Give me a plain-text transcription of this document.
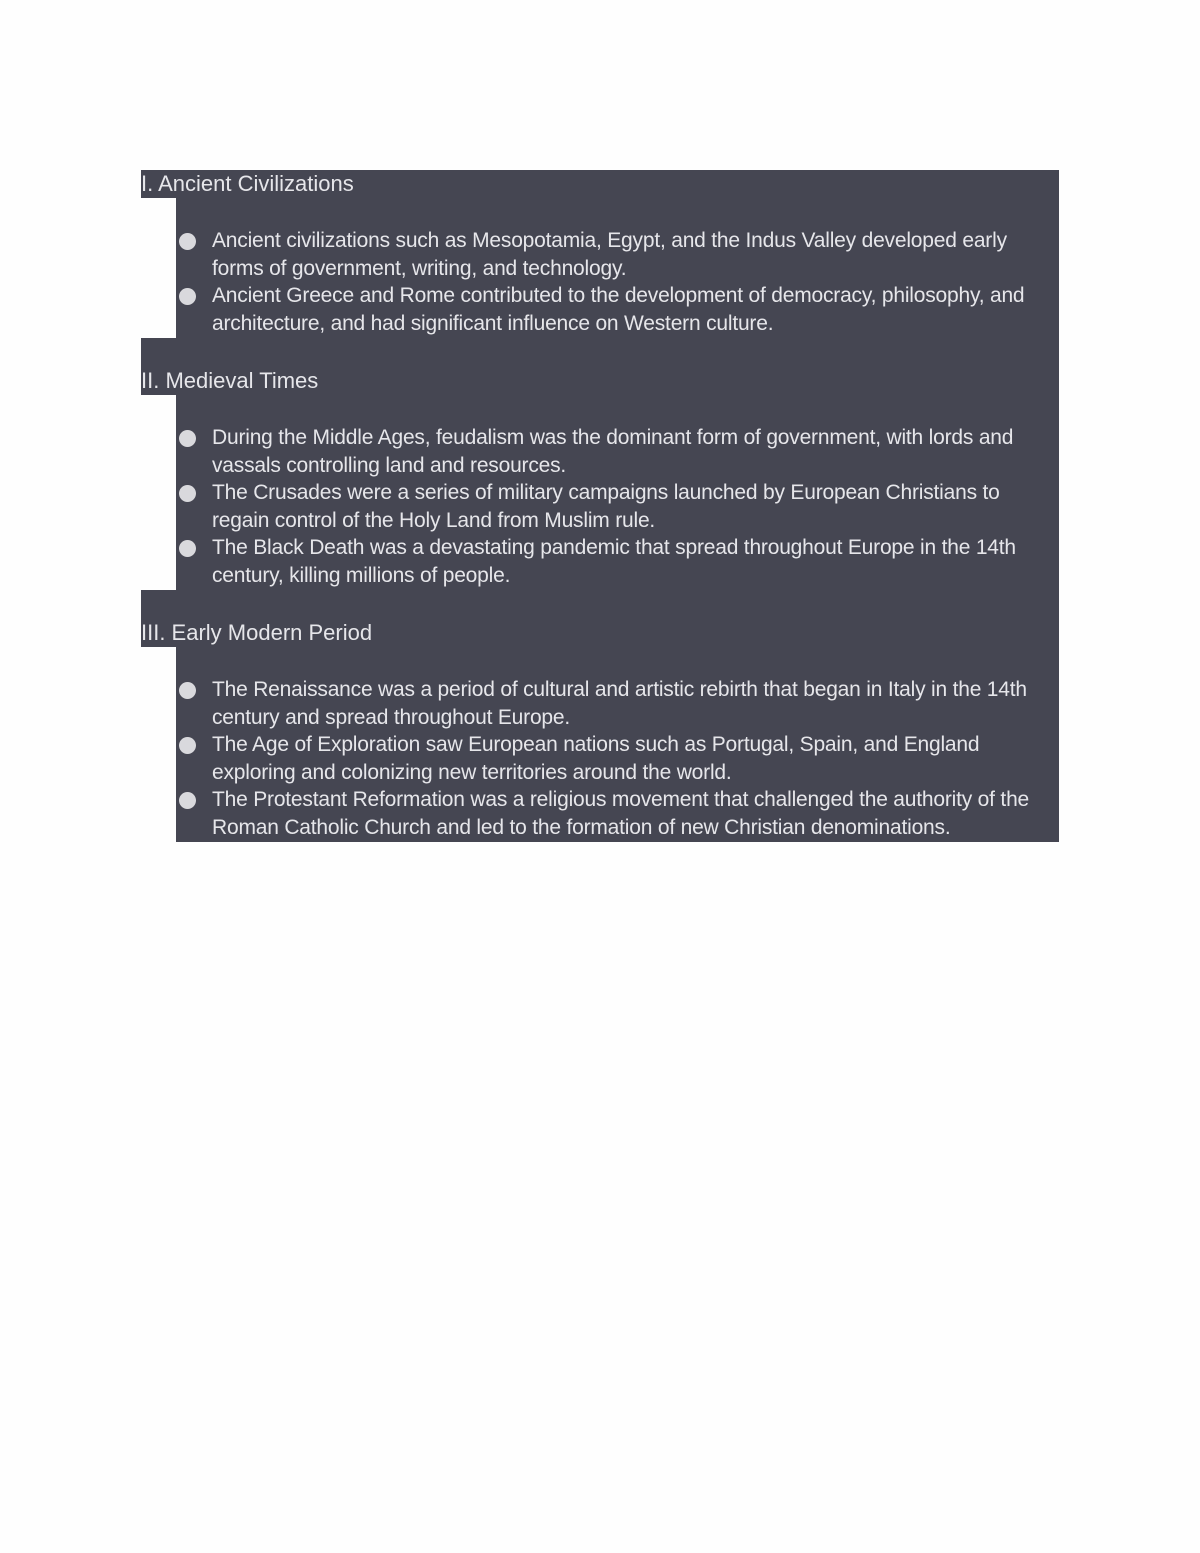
I. Ancient Civilizations
Ancient civilizations such as Mesopotamia, Egypt, and the Indus Valley developed early forms of government, writing, and technology.
Ancient Greece and Rome contributed to the development of democracy, philosophy, and architecture, and had significant influence on Western culture.
II. Medieval Times
During the Middle Ages, feudalism was the dominant form of government, with lords and vassals controlling land and resources.
The Crusades were a series of military campaigns launched by European Christians to regain control of the Holy Land from Muslim rule.
The Black Death was a devastating pandemic that spread throughout Europe in the 14th century, killing millions of people.
III. Early Modern Period
The Renaissance was a period of cultural and artistic rebirth that began in Italy in the 14th century and spread throughout Europe.
The Age of Exploration saw European nations such as Portugal, Spain, and England exploring and colonizing new territories around the world.
The Protestant Reformation was a religious movement that challenged the authority of the Roman Catholic Church and led to the formation of new Christian denominations.
